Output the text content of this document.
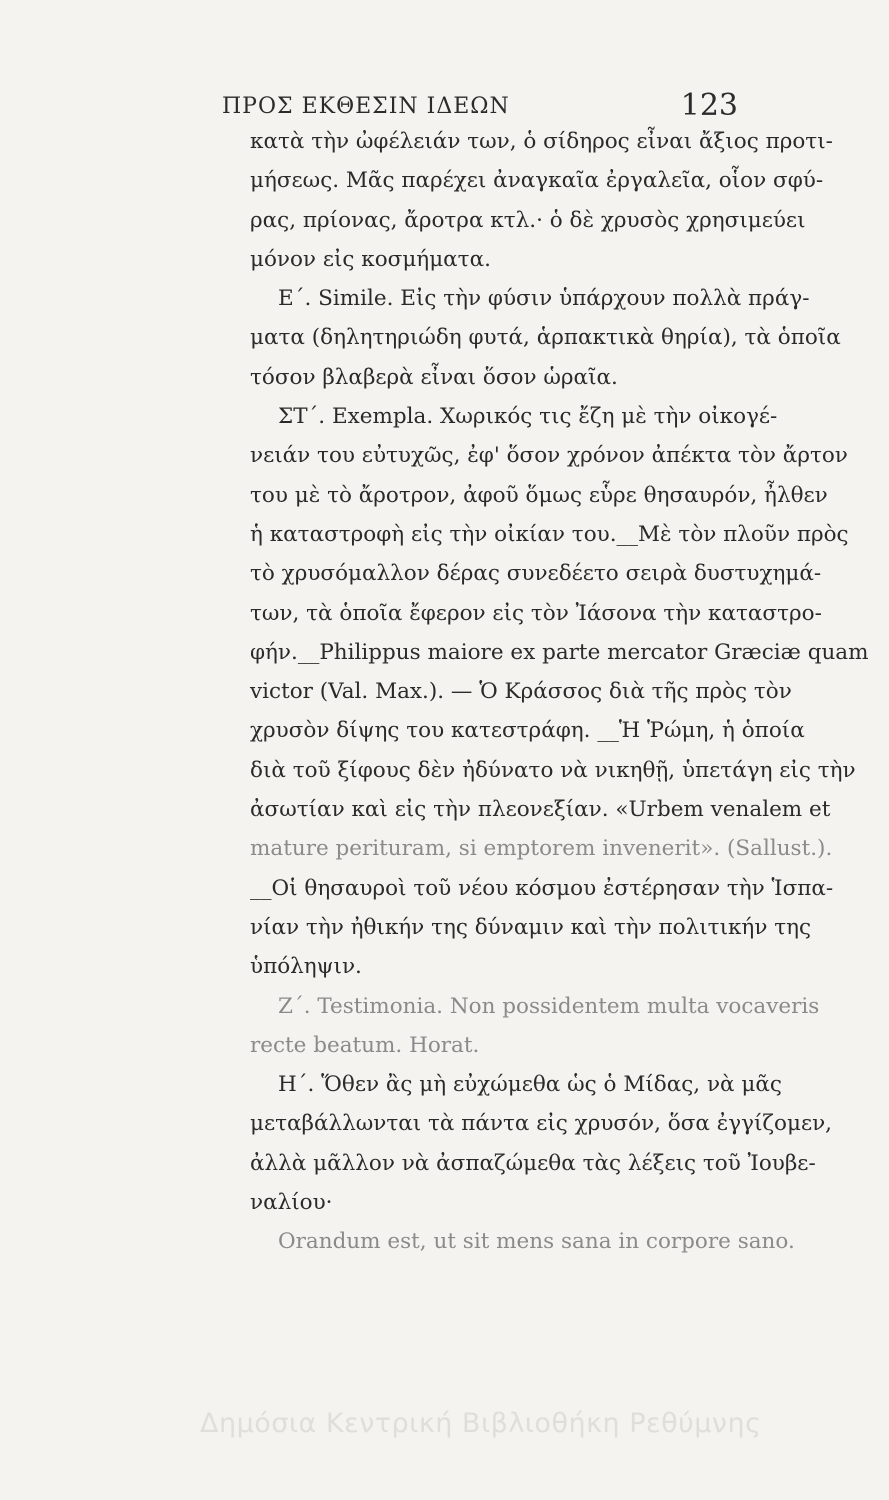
ΠΡΟΣ ΕΚΘΕΣΙΝ ΙΔΕΩΝ	123
κατὰ τὴν ὠφέλειάν των, ὁ σίδηρος εἶναι ἄξιος προτι-
μήσεως. Μᾶς παρέχει ἀναγκαῖα ἐργαλεῖα, οἷον σφύ-
ρας, πρίονας, ἄροτρα κτλ.· ὁ δὲ χρυσὸς χρησιμεύει
μόνον εἰς κοσμήματα.
Ε΄. Simile. Εἰς τὴν φύσιν ὑπάρχουν πολλὰ πράγ-
ματα (δηλητηριώδη φυτά, ἁρπακτικὰ θηρία), τὰ ὁποῖα
τόσον βλαβερὰ εἶναι ὅσον ὡραῖα.
ΣΤ΄. Exempla. Χωρικός τις ἔζη μὲ τὴν οἰκογέ-
νειάν του εὐτυχῶς, ἐφ' ὅσον χρόνον ἀπέκτα τὸν ἄρτον
του μὲ τὸ ἄροτρον, ἀφοῦ ὅμως εὗρε θησαυρόν, ἦλθεν
ἡ καταστροφὴ εἰς τὴν οἰκίαν του.__Μὲ τὸν πλοῦν πρὸς
τὸ χρυσόμαλλον δέρας συνεδέετο σειρὰ δυστυχημά-
των, τὰ ὁποῖα ἔφερον εἰς τὸν Ἰάσονα τὴν καταστρο-
φήν.__Philippus maiore ex parte mercator Græciæ quam
victor (Val. Max.). — Ὁ Κράσσος διὰ τῆς πρὸς τὸν
χρυσὸν δίψης του κατεστράφη. __Ἡ Ῥώμη, ἡ ὁποία
διὰ τοῦ ξίφους δὲν ἠδύνατο νὰ νικηθῇ, ὑπετάγη εἰς τὴν
ἀσωτίαν καὶ εἰς τὴν πλεονεξίαν. «Urbem venalem et
mature perituram, si emptorem invenerit». (Sallust.).
__Οἱ θησαυροὶ τοῦ νέου κόσμου ἐστέρησαν τὴν Ἱσπα-
νίαν τὴν ἠθικήν της δύναμιν καὶ τὴν πολιτικήν της
ὑπόληψιν.
Ζ΄. Testimonia. Non possidentem multa vocaveris
recte beatum. Horat.
Η΄. Ὅθεν ἂς μὴ εὐχώμεθα ὡς ὁ Μίδας, νὰ μᾶς
μεταβάλλωνται τὰ πάντα εἰς χρυσόν, ὅσα ἐγγίζομεν,
ἀλλὰ μᾶλλον νὰ ἀσπαζώμεθα τὰς λέξεις τοῦ Ἰουβε-
ναλίου·
Orandum est, ut sit mens sana in corpore sano.
Δημόσια Κεντρική Βιβλιοθήκη Ρεθύμνης
